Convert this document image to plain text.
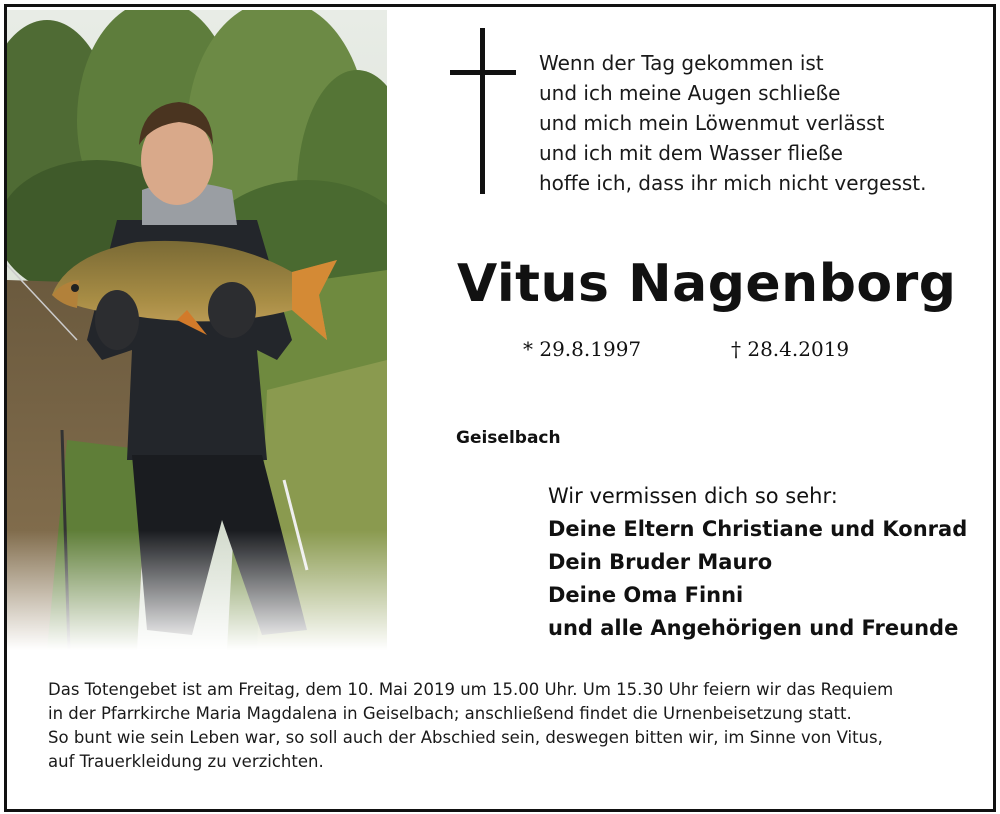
Wenn der Tag gekommen ist
und ich meine Augen schließe
und mich mein Löwenmut verlässt
und ich mit dem Wasser fließe
hoffe ich, dass ihr mich nicht vergesst.
Vitus Nagenborg
* 29.8.1997	† 28.4.2019
Geiselbach
Wir vermissen dich so sehr:
Deine Eltern Christiane und Konrad
Dein Bruder Mauro
Deine Oma Finni
und alle Angehörigen und Freunde
Das Totengebet ist am Freitag, dem 10. Mai 2019 um 15.00 Uhr. Um 15.30 Uhr feiern wir das Requiem
in der Pfarrkirche Maria Magdalena in Geiselbach; anschließend findet die Urnenbeisetzung statt.
So bunt wie sein Leben war, so soll auch der Abschied sein, deswegen bitten wir, im Sinne von Vitus,
auf Trauerkleidung zu verzichten.
